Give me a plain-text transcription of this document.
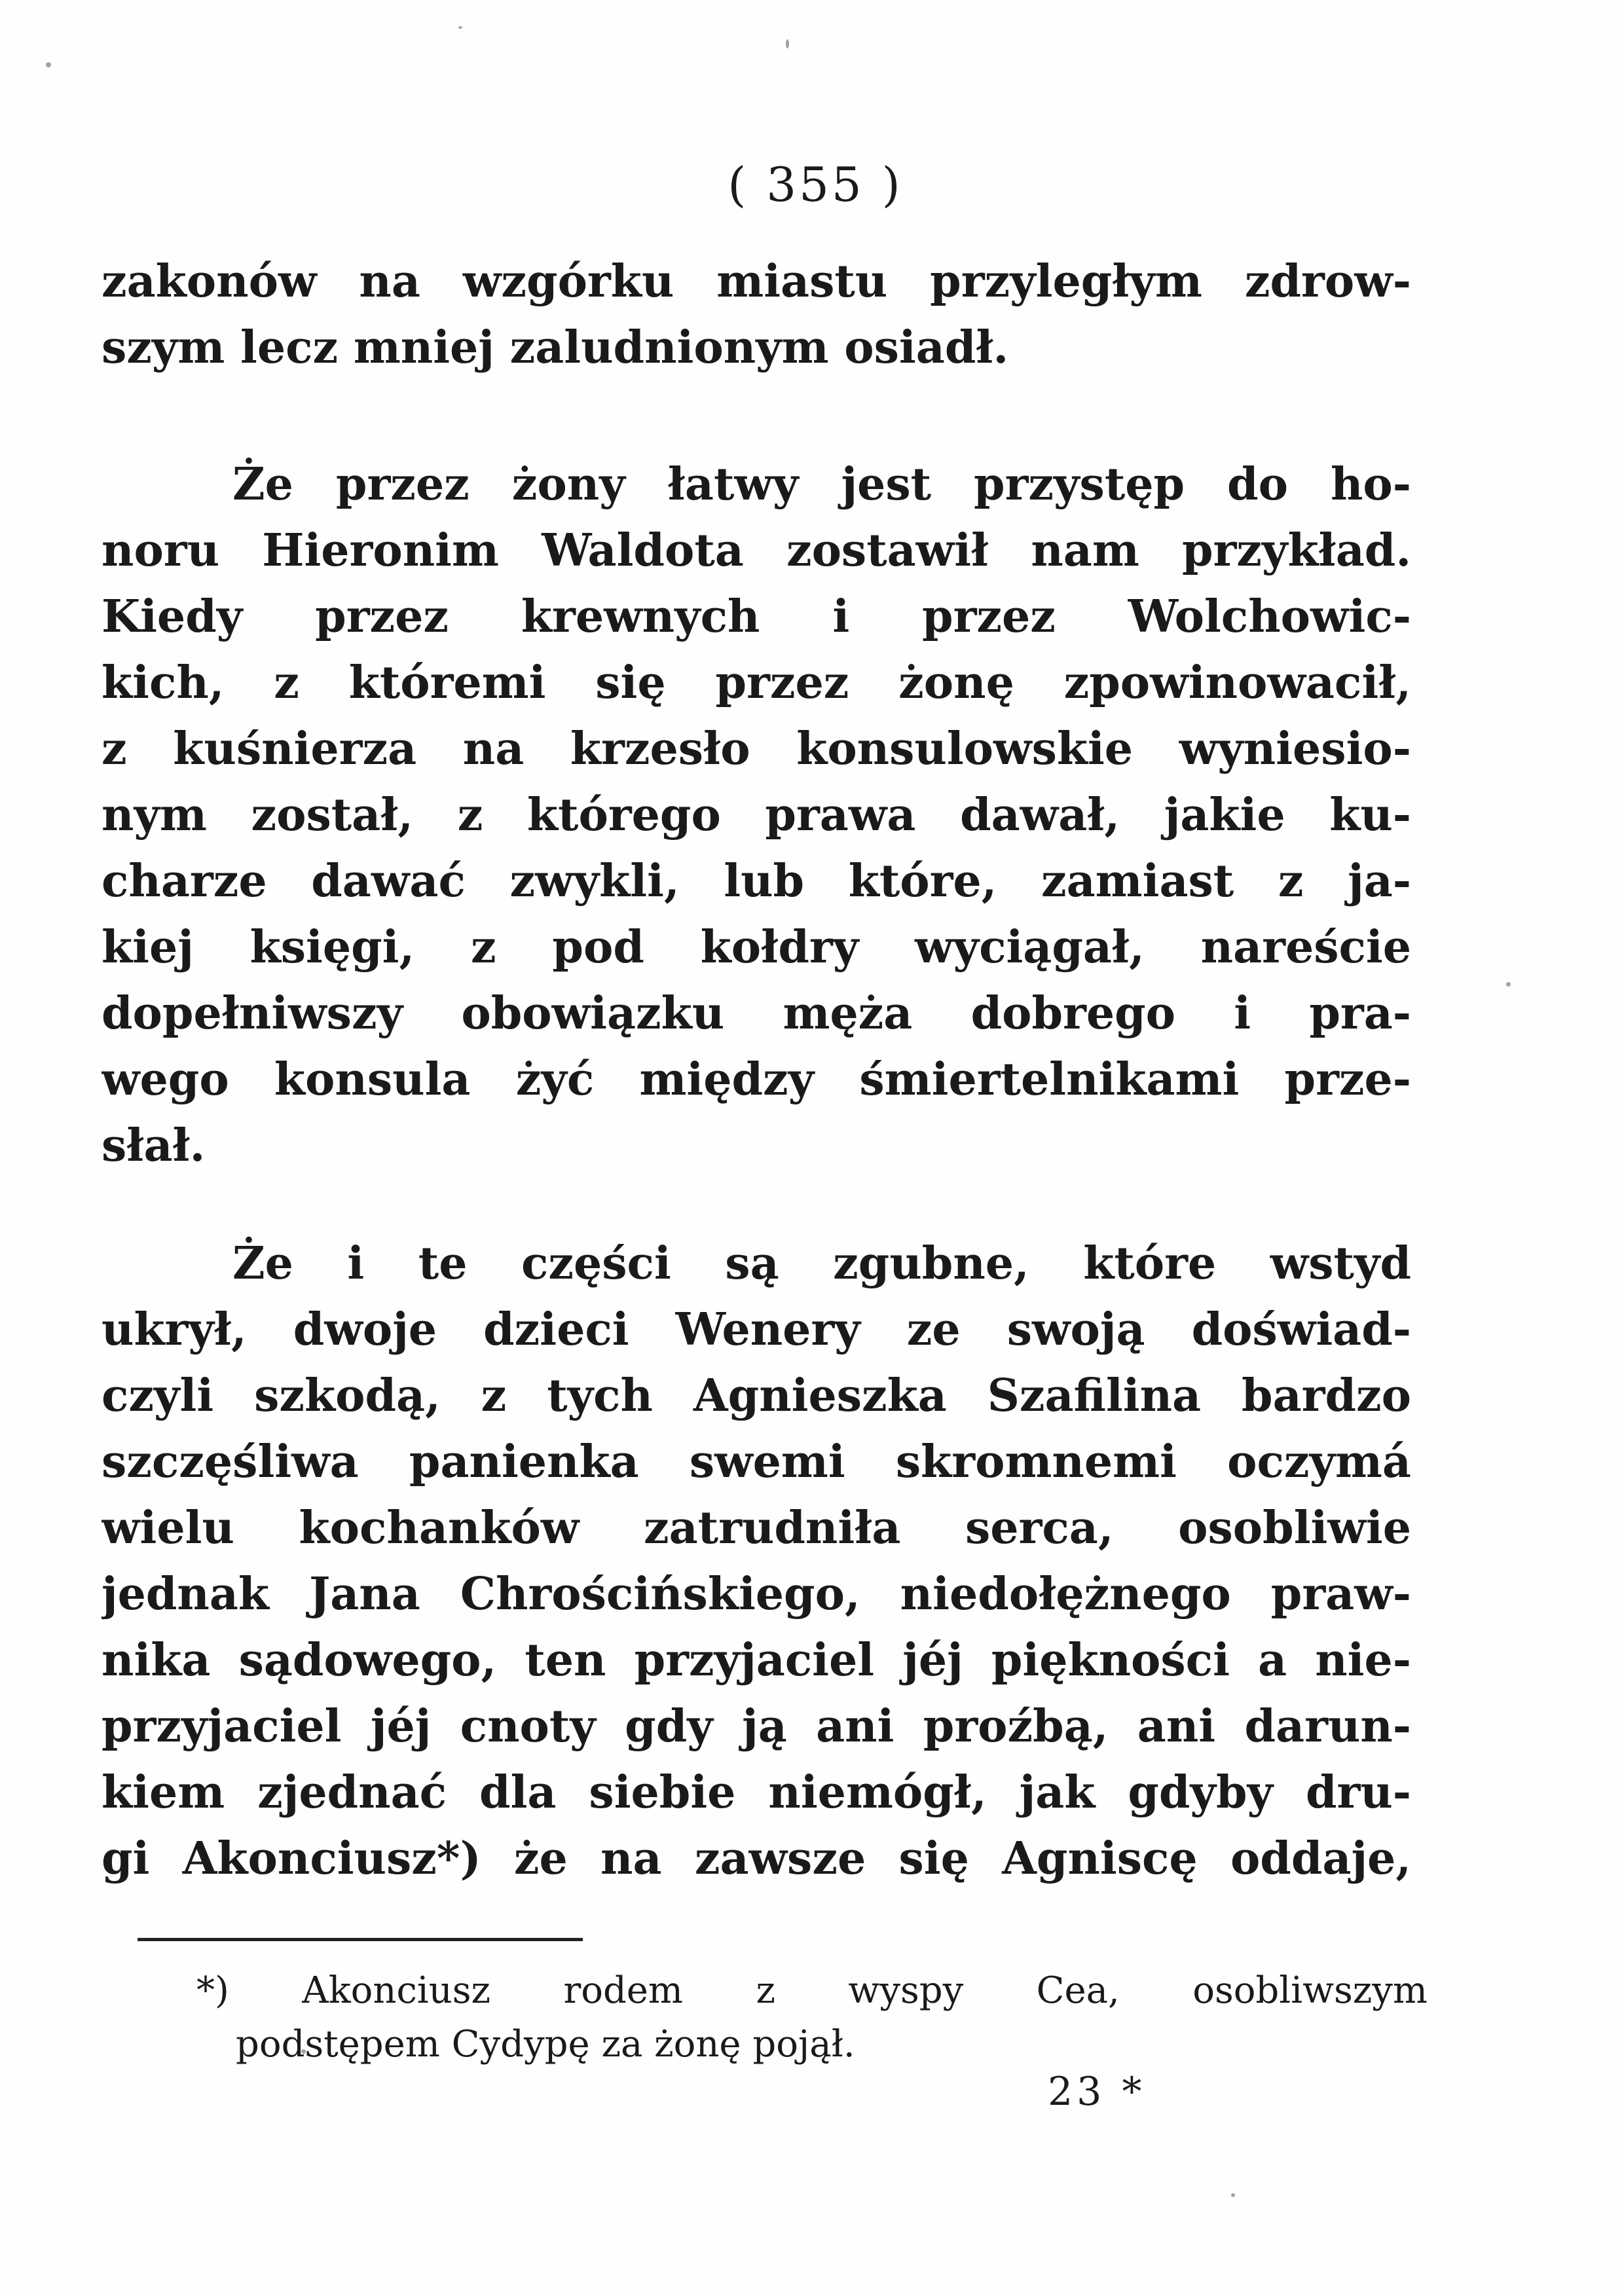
( 355 )
zakonów na wzgórku miastu przyległym zdrow-
szym lecz mniej zaludnionym osiadł.
Że przez żony łatwy jest przystęp do ho-
noru Hieronim Waldota zostawił nam przykład.
Kiedy przez krewnych i przez Wolchowic-
kich, z któremi się przez żonę zpowinowacił,
z kuśnierza na krzesło konsulowskie wyniesio-
nym został, z którego prawa dawał, jakie ku-
charze dawać zwykli, lub które, zamiast z ja-
kiej księgi, z pod kołdry wyciągał, nareście
dopełniwszy obowiązku męża dobrego i pra-
wego konsula żyć między śmiertelnikami prze-
słał.
Że i te części są zgubne, które wstyd
ukrył, dwoje dzieci Wenery ze swoją doświad-
czyli szkodą, z tych Agnieszka Szafilina bardzo
szczęśliwa panienka swemi skromnemi oczymá
wielu kochanków zatrudniła serca, osobliwie
jednak Jana Chrościńskiego, niedołężnego praw-
nika sądowego, ten przyjaciel jéj piękności a nie-
przyjaciel jéj cnoty gdy ją ani proźbą, ani darun-
kiem zjednać dla siebie niemógł, jak gdyby dru-
gi Akonciusz*) że na zawsze się Agniscę oddaje,
*) Akonciusz rodem z wyspy Cea, osobliwszym
podstępem Cydypę za żonę pojął.
23 *
